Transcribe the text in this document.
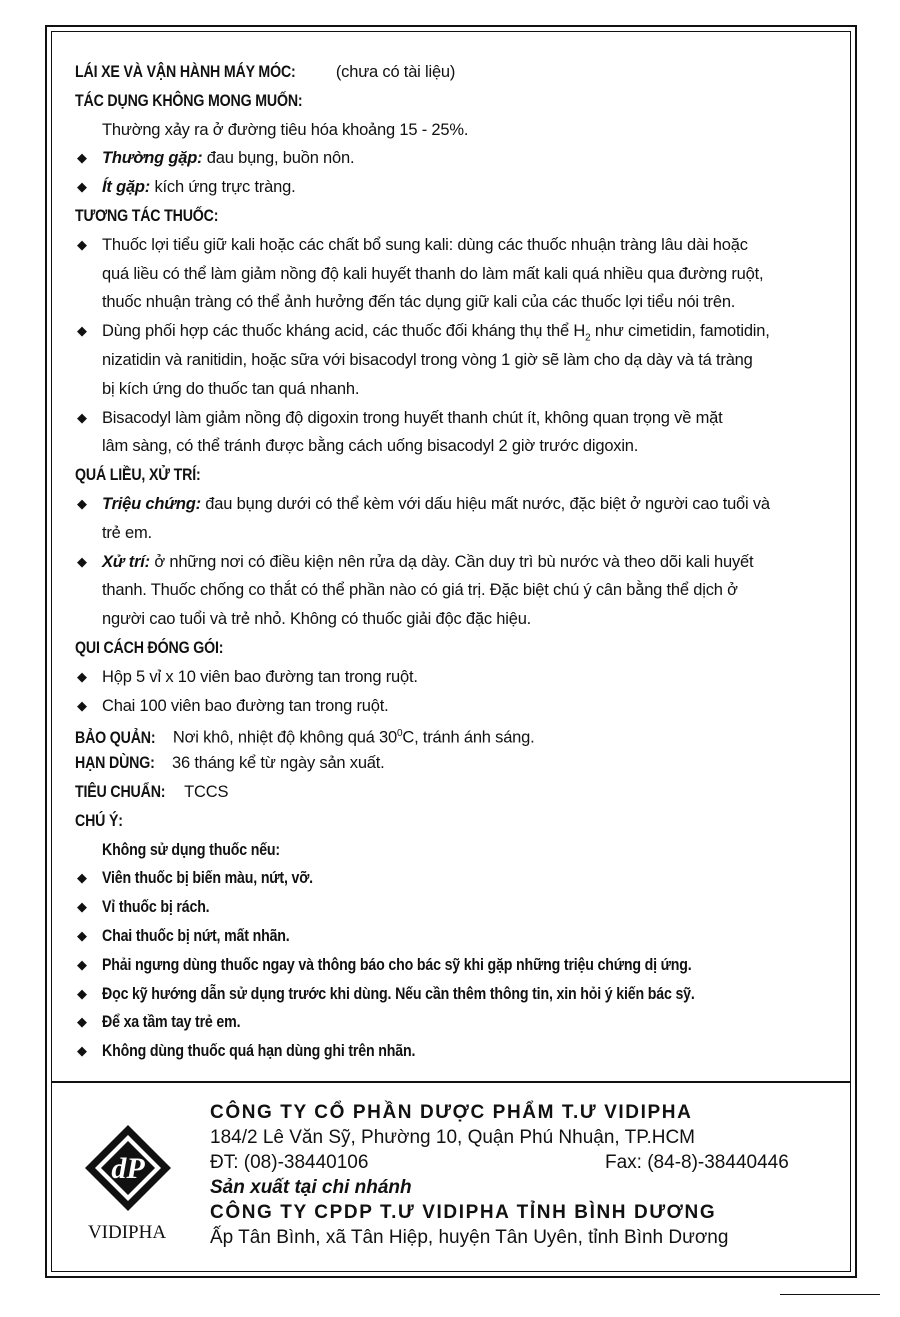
LÁI XE VÀ VẬN HÀNH MÁY MÓC: (chưa có tài liệu)
TÁC DỤNG KHÔNG MONG MUỐN:
Thường xảy ra ở đường tiêu hóa khoảng 15 - 25%.
◆ Thường gặp: đau bụng, buồn nôn.
◆ Ít gặp: kích ứng trực tràng.
TƯƠNG TÁC THUỐC:
◆ Thuốc lợi tiểu giữ kali hoặc các chất bổ sung kali: dùng các thuốc nhuận tràng lâu dài hoặc
quá liều có thể làm giảm nồng độ kali huyết thanh do làm mất kali quá nhiều qua đường ruột,
thuốc nhuận tràng có thể ảnh hưởng đến tác dụng giữ kali của các thuốc lợi tiểu nói trên.
◆ Dùng phối hợp các thuốc kháng acid, các thuốc đối kháng thụ thể $H_2$ như cimetidin, famotidin,
nizatidin và ranitidin, hoặc sữa với bisacodyl trong vòng 1 giờ sẽ làm cho dạ dày và tá tràng
bị kích ứng do thuốc tan quá nhanh.
◆ Bisacodyl làm giảm nồng độ digoxin trong huyết thanh chút ít, không quan trọng về mặt
lâm sàng, có thể tránh được bằng cách uống bisacodyl 2 giờ trước digoxin.
QUÁ LIỀU, XỬ TRÍ:
◆ Triệu chứng: đau bụng dưới có thể kèm với dấu hiệu mất nước, đặc biệt ở người cao tuổi và
trẻ em.
◆ Xử trí: ở những nơi có điều kiện nên rửa dạ dày. Cần duy trì bù nước và theo dõi kali huyết
thanh. Thuốc chống co thắt có thể phần nào có giá trị. Đặc biệt chú ý cân bằng thể dịch ở
người cao tuổi và trẻ nhỏ. Không có thuốc giải độc đặc hiệu.
QUI CÁCH ĐÓNG GÓI:
◆ Hộp 5 vỉ x 10 viên bao đường tan trong ruột.
◆ Chai 100 viên bao đường tan trong ruột.
BẢO QUẢN: Nơi khô, nhiệt độ không quá $30^0C$, tránh ánh sáng.
HẠN DÙNG: 36 tháng kể từ ngày sản xuất.
TIÊU CHUẨN: TCCS
CHÚ Ý:
Không sử dụng thuốc nếu:
◆ Viên thuốc bị biến màu, nứt, vỡ.
◆ Vỉ thuốc bị rách.
◆ Chai thuốc bị nứt, mất nhãn.
◆ Phải ngưng dùng thuốc ngay và thông báo cho bác sỹ khi gặp những triệu chứng dị ứng.
◆ Đọc kỹ hướng dẫn sử dụng trước khi dùng. Nếu cần thêm thông tin, xin hỏi ý kiến bác sỹ.
◆ Để xa tầm tay trẻ em.
◆ Không dùng thuốc quá hạn dùng ghi trên nhãn.
dP
VIDIPHA
CÔNG TY CỔ PHẦN DƯỢC PHẨM T.Ư VIDIPHA
184/2 Lê Văn Sỹ, Phường 10, Quận Phú Nhuận, TP.HCM
ĐT: (08)-38440106	Fax: (84-8)-38440446
Sản xuất tại chi nhánh
CÔNG TY CPDP T.Ư VIDIPHA TỈNH BÌNH DƯƠNG
Ấp Tân Bình, xã Tân Hiệp, huyện Tân Uyên, tỉnh Bình Dương
